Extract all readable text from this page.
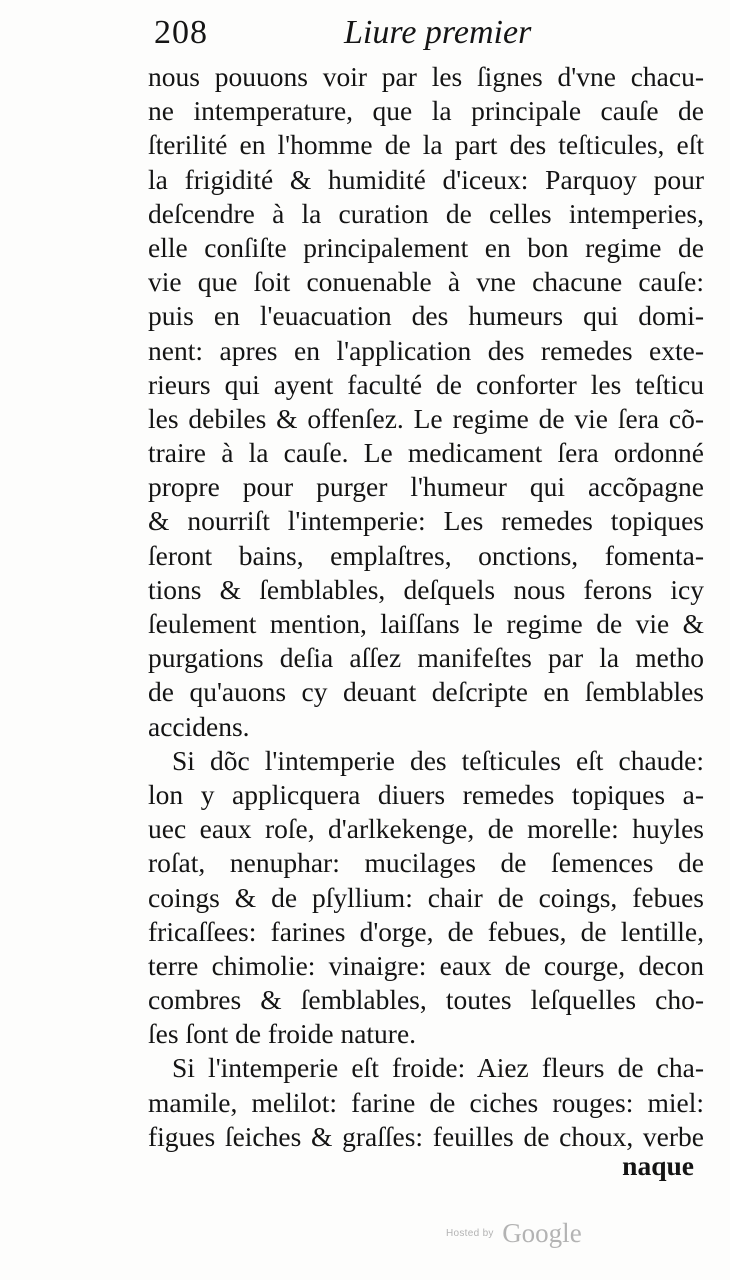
208	Liure premier
nous pouuons voir par les ſignes d'vne chacu-
ne intemperature, que la principale cauſe de
ſterilité en l'homme de la part des teſticules, eſt
la frigidité & humidité d'iceux: Parquoy pour
deſcendre à la curation de celles intemperies,
elle conſiſte principalement en bon regime de
vie que ſoit conuenable à vne chacune cauſe:
puis en l'euacuation des humeurs qui domi-
nent: apres en l'application des remedes exte-
rieurs qui ayent faculté de conforter les teſticu
les debiles & offenſez. Le regime de vie ſera cõ-
traire à la cauſe. Le medicament ſera ordonné
propre pour purger l'humeur qui accõpagne
& nourriſt l'intemperie: Les remedes topiques
ſeront bains, emplaſtres, onctions, fomenta-
tions & ſemblables, deſquels nous ferons icy
ſeulement mention, laiſſans le regime de vie &
purgations deſia aſſez manifeſtes par la metho
de qu'auons cy deuant deſcripte en ſemblables
accidens.
Si dõc l'intemperie des teſticules eſt chaude:
lon y applicquera diuers remedes topiques a-
uec eaux roſe, d'arlkekenge, de morelle: huyles
roſat, nenuphar: mucilages de ſemences de
coings & de pſyllium: chair de coings, febues
fricaſſees: farines d'orge, de febues, de lentille,
terre chimolie: vinaigre: eaux de courge, decon
combres & ſemblables, toutes leſquelles cho-
ſes ſont de froide nature.
Si l'intemperie eſt froide: Aiez fleurs de cha-
mamile, melilot: farine de ciches rouges: miel:
figues ſeiches & graſſes: feuilles de choux, verbe
naque
Hosted by Google
